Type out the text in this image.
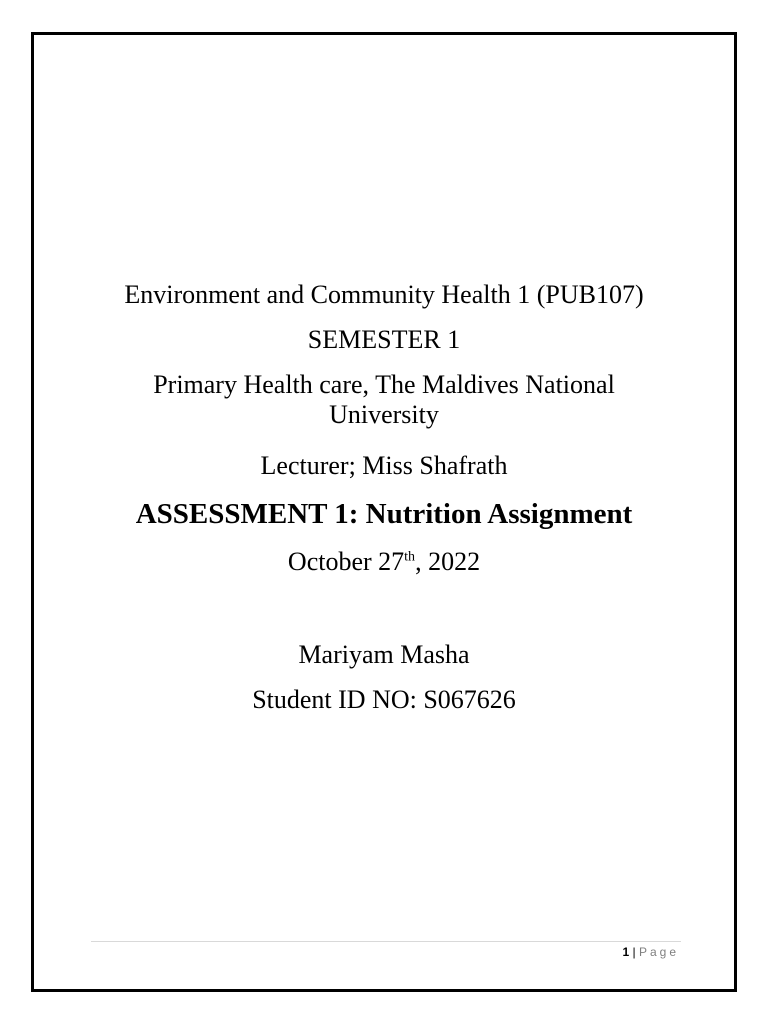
Environment and Community Health 1 (PUB107)
SEMESTER 1
Primary Health care, The Maldives National University
Lecturer; Miss Shafrath
ASSESSMENT 1: Nutrition Assignment
October 27th, 2022
Mariyam Masha
Student ID NO: S067626
1 | Page
